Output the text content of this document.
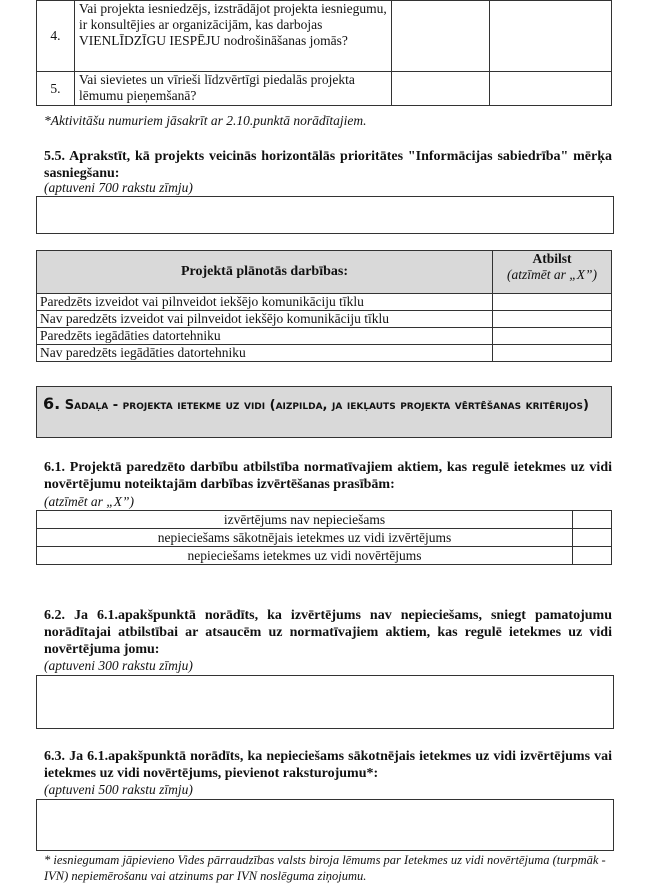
4.	Vai projekta iesniedzējs, izstrādājot projekta iesniegumu, ir konsultējies ar organizācijām, kas darbojas VIENLĪDZĪGU IESPĒJU nodrošināšanas jomās?		
5.	Vai sievietes un vīrieši līdzvērtīgi piedalās projekta lēmumu pieņemšanā?		
*Aktivitāšu numuriem jāsakrīt ar 2.10.punktā norādītajiem.
5.5. Aprakstīt, kā projekts veicinās horizontālās prioritātes "Informācijas sabiedrība" mērķa sasniegšanu:
(aptuveni 700 rakstu zīmju)
Projektā plānotās darbības:	Atbilst
(atzīmēt ar „X”)

Paredzēts izveidot vai pilnveidot iekšējo komunikāciju tīklu	
Nav paredzēts izveidot vai pilnveidot iekšējo komunikāciju tīklu	
Paredzēts iegādāties datortehniku	
Nav paredzēts iegādāties datortehniku	
6. Sadaļa - projekta ietekme uz vidi (aizpilda, ja iekļauts projekta vērtēšanas kritērijos)
6.1. Projektā paredzēto darbību atbilstība normatīvajiem aktiem, kas regulē ietekmes uz vidi novērtējumu noteiktajām darbības izvērtēšanas prasībām:
(atzīmēt ar „X”)
izvērtējums nav nepieciešams	
nepieciešams sākotnējais ietekmes uz vidi izvērtējums	
nepieciešams ietekmes uz vidi novērtējums	
6.2. Ja 6.1.apakšpunktā norādīts, ka izvērtējums nav nepieciešams, sniegt pamatojumu norādītajai atbilstībai ar atsaucēm uz normatīvajiem aktiem, kas regulē ietekmes uz vidi novērtējuma jomu:
(aptuveni 300 rakstu zīmju)
6.3. Ja 6.1.apakšpunktā norādīts, ka nepieciešams sākotnējais ietekmes uz vidi izvērtējums vai ietekmes uz vidi novērtējums, pievienot raksturojumu*:
(aptuveni 500 rakstu zīmju)
* iesniegumam jāpievieno Vides pārraudzības valsts biroja lēmums par Ietekmes uz vidi novērtējuma (turpmāk - IVN) nepiemērošanu vai atzinums par IVN noslēguma ziņojumu.
